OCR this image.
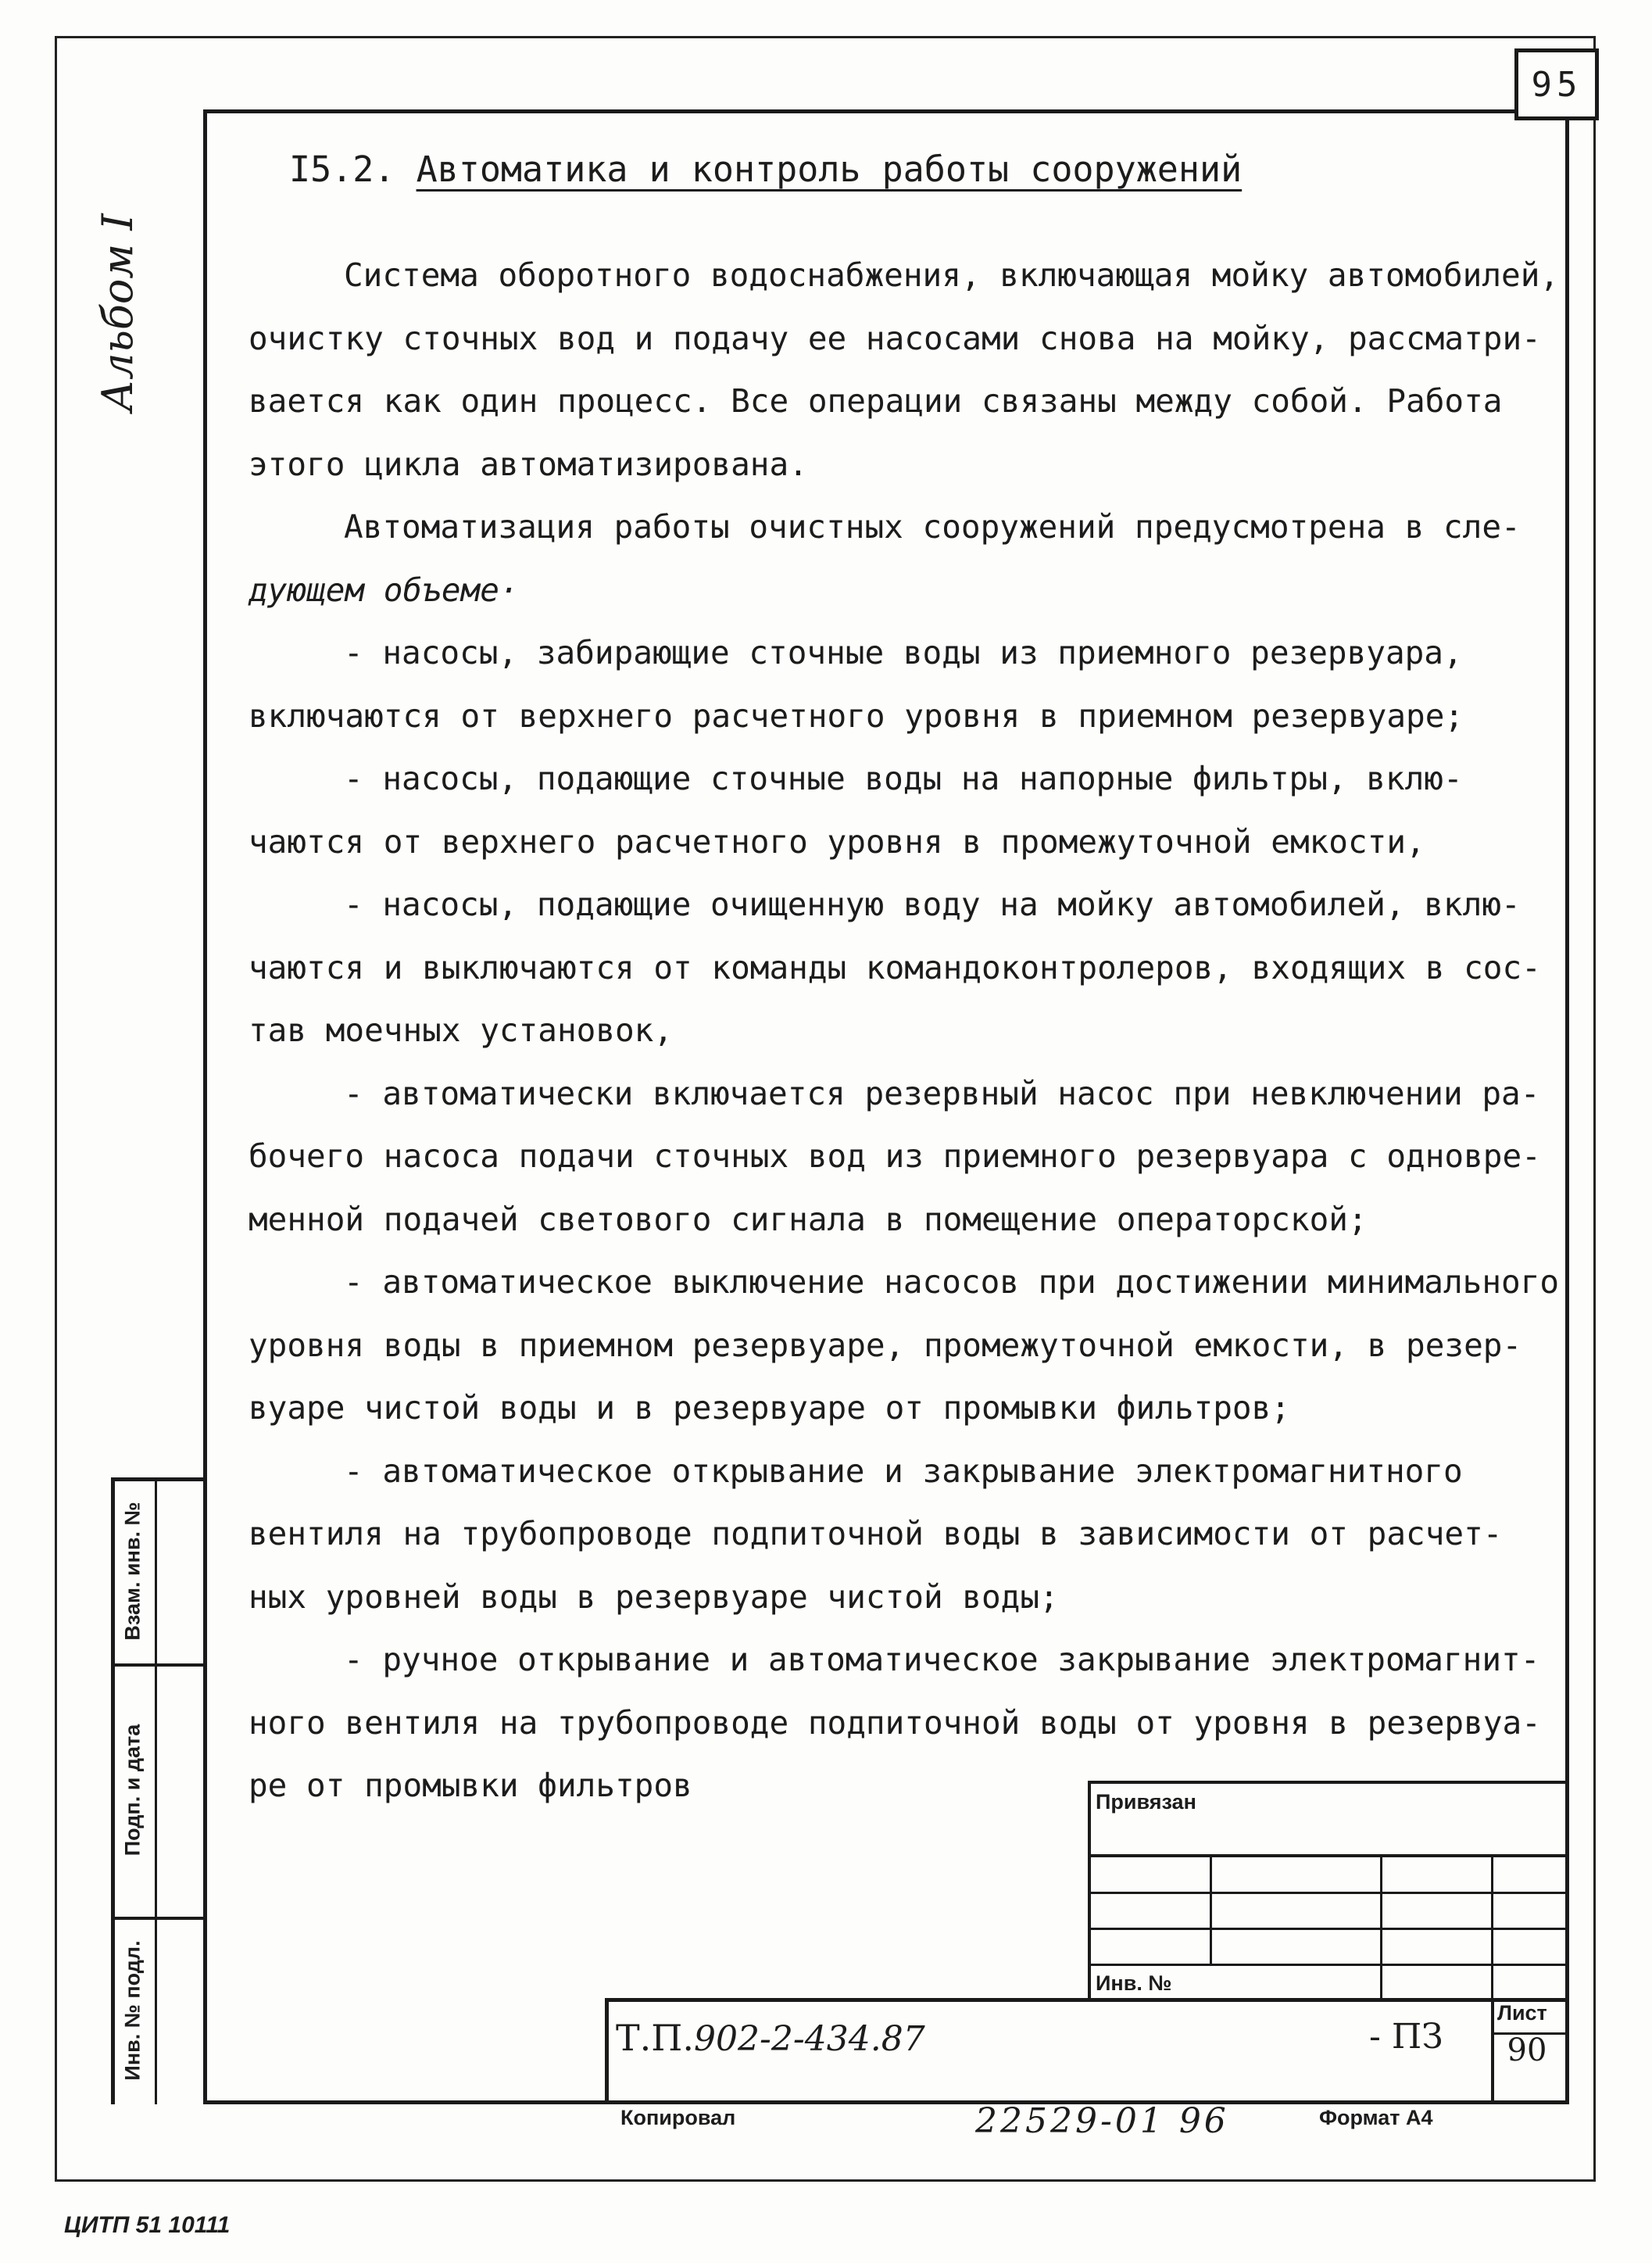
95
Альбом I
Взам. инв. №
Подп. и дата
Инв. № подл.
I5.2. Автоматика и контроль работы сооружений
Система оборотного водоснабжения, включающая мойку автомобилей,
очистку сточных вод и подачу ее насосами снова на мойку, рассматри-
вается как один процесс. Все операции связаны между собой. Работа
этого цикла автоматизирована.
Автоматизация работы очистных сооружений предусмотрена в сле-
дующем объеме·
- насосы, забирающие сточные воды из приемного резервуара,
включаются от верхнего расчетного уровня в приемном резервуаре;
- насосы, подающие сточные воды на напорные фильтры, вклю-
чаются от верхнего расчетного уровня в промежуточной емкости,
- насосы, подающие очищенную воду на мойку автомобилей, вклю-
чаются и выключаются от команды командоконтролеров, входящих в сос-
тав моечных установок,
- автоматически включается резервный насос при невключении ра-
бочего насоса подачи сточных вод из приемного резервуара с одновре-
менной подачей светового сигнала в помещение операторской;
- автоматическое выключение насосов при достижении минимального
уровня воды в приемном резервуаре, промежуточной емкости, в резер-
вуаре чистой воды и в резервуаре от промывки фильтров;
- автоматическое открывание и закрывание электромагнитного
вентиля на трубопроводе подпиточной воды в зависимости от расчет-
ных уровней воды в резервуаре чистой воды;
- ручное открывание и автоматическое закрывание электромагнит-
ного вентиля на трубопроводе подпиточной воды от уровня в резервуа-
ре от промывки фильтров	Привязан
Инв. №
Т.П.902-2-434.87	- ПЗ
Лист
90
Копировал	22529-01 96	Формат А4
ЦИТП 51 10111
